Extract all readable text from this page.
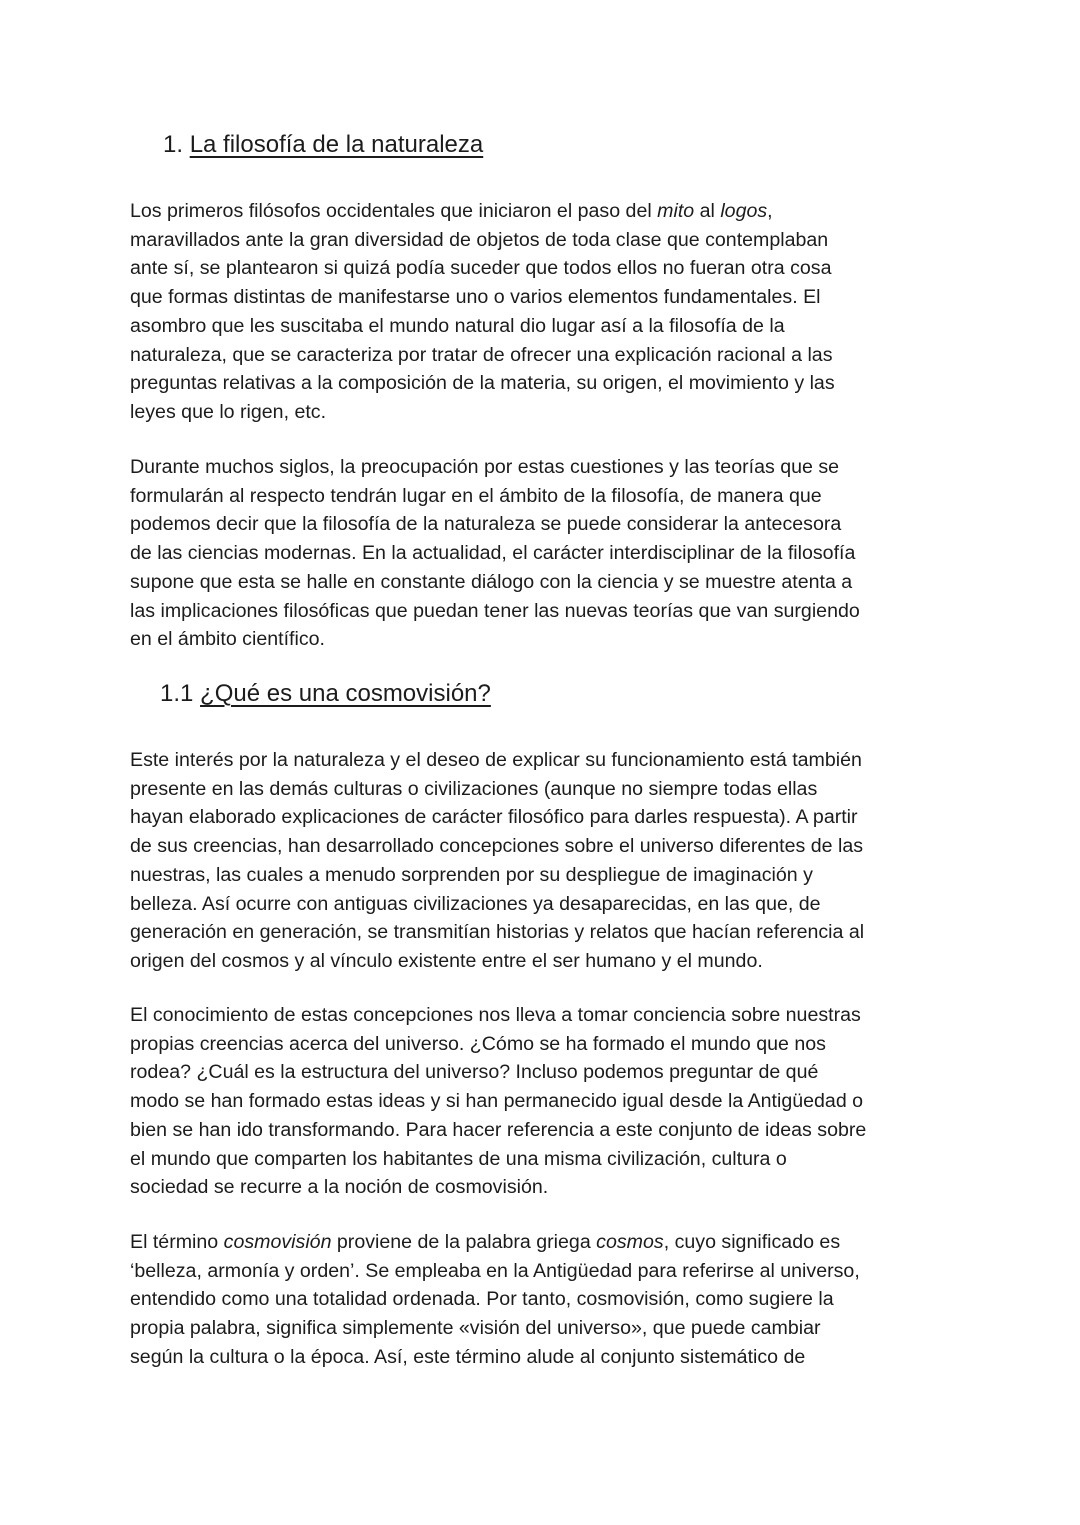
1. La filosofía de la naturaleza
Los primeros filósofos occidentales que iniciaron el paso del mito al logos,
maravillados ante la gran diversidad de objetos de toda clase que contemplaban
ante sí, se plantearon si quizá podía suceder que todos ellos no fueran otra cosa
que formas distintas de manifestarse uno o varios elementos fundamentales. El
asombro que les suscitaba el mundo natural dio lugar así a la filosofía de la
naturaleza, que se caracteriza por tratar de ofrecer una explicación racional a las
preguntas relativas a la composición de la materia, su origen, el movimiento y las
leyes que lo rigen, etc.
Durante muchos siglos, la preocupación por estas cuestiones y las teorías que se
formularán al respecto tendrán lugar en el ámbito de la filosofía, de manera que
podemos decir que la filosofía de la naturaleza se puede considerar la antecesora
de las ciencias modernas. En la actualidad, el carácter interdisciplinar de la filosofía
supone que esta se halle en constante diálogo con la ciencia y se muestre atenta a
las implicaciones filosóficas que puedan tener las nuevas teorías que van surgiendo
en el ámbito científico.
1.1 ¿Qué es una cosmovisión?
Este interés por la naturaleza y el deseo de explicar su funcionamiento está también
presente en las demás culturas o civilizaciones (aunque no siempre todas ellas
hayan elaborado explicaciones de carácter filosófico para darles respuesta). A partir
de sus creencias, han desarrollado concepciones sobre el universo diferentes de las
nuestras, las cuales a menudo sorprenden por su despliegue de imaginación y
belleza. Así ocurre con antiguas civilizaciones ya desaparecidas, en las que, de
generación en generación, se transmitían historias y relatos que hacían referencia al
origen del cosmos y al vínculo existente entre el ser humano y el mundo.
El conocimiento de estas concepciones nos lleva a tomar conciencia sobre nuestras
propias creencias acerca del universo. ¿Cómo se ha formado el mundo que nos
rodea? ¿Cuál es la estructura del universo? Incluso podemos preguntar de qué
modo se han formado estas ideas y si han permanecido igual desde la Antigüedad o
bien se han ido transformando. Para hacer referencia a este conjunto de ideas sobre
el mundo que comparten los habitantes de una misma civilización, cultura o
sociedad se recurre a la noción de cosmovisión.
El término cosmovisión proviene de la palabra griega cosmos, cuyo significado es
‘belleza, armonía y orden’. Se empleaba en la Antigüedad para referirse al universo,
entendido como una totalidad ordenada. Por tanto, cosmovisión, como sugiere la
propia palabra, significa simplemente «visión del universo», que puede cambiar
según la cultura o la época. Así, este término alude al conjunto sistemático de
